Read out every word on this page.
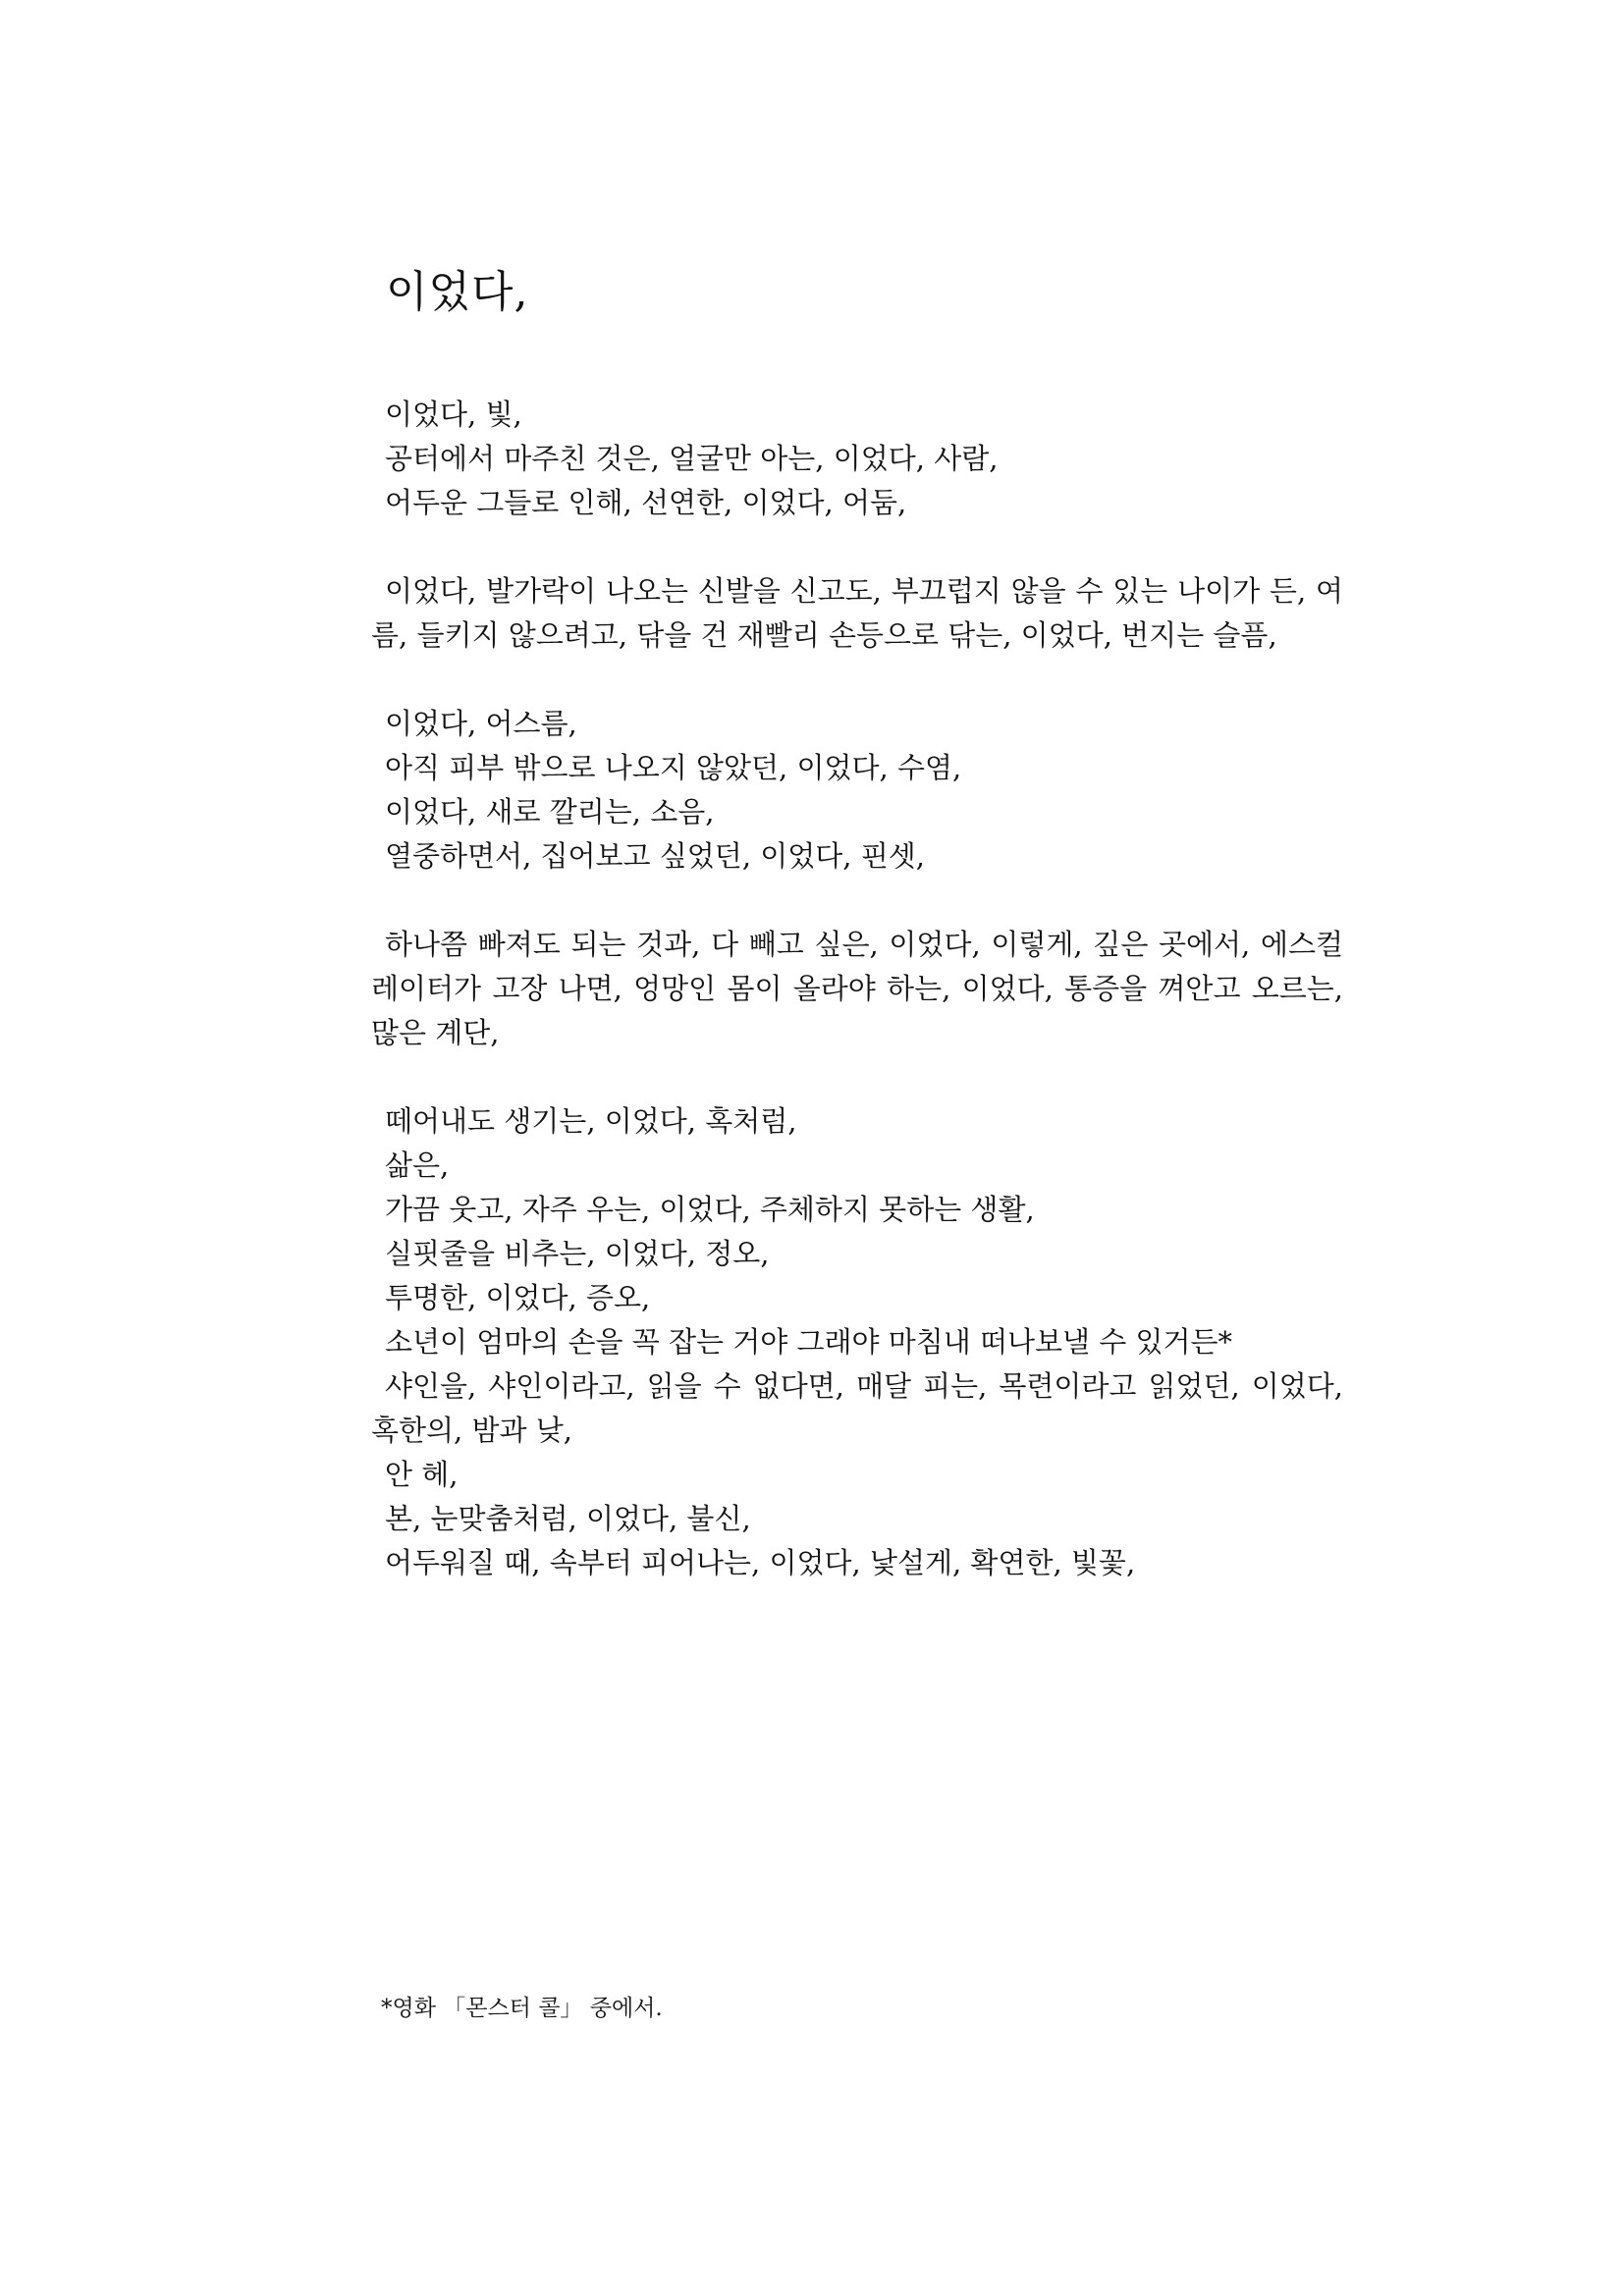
이었다,
이었다, 빛,
공터에서 마주친 것은, 얼굴만 아는, 이었다, 사람,
어두운 그들로 인해, 선연한, 이었다, 어둠,
이었다, 발가락이 나오는 신발을 신고도, 부끄럽지 않을 수 있는 나이가 든, 여름, 들키지 않으려고, 닦을 건 재빨리 손등으로 닦는, 이었다, 번지는 슬픔,
이었다, 어스름,
아직 피부 밖으로 나오지 않았던, 이었다, 수염,
이었다, 새로 깔리는, 소음,
열중하면서, 집어보고 싶었던, 이었다, 핀셋,
하나쯤 빠져도 되는 것과, 다 빼고 싶은, 이었다, 이렇게, 깊은 곳에서, 에스컬레이터가 고장 나면, 엉망인 몸이 올라야 하는, 이었다, 통증을 껴안고 오르는, 많은 계단,
떼어내도 생기는, 이었다, 혹처럼,
삶은,
가끔 웃고, 자주 우는, 이었다, 주체하지 못하는 생활,
실핏줄을 비추는, 이었다, 정오,
투명한, 이었다, 증오,
소년이 엄마의 손을 꼭 잡는 거야 그래야 마침내 떠나보낼 수 있거든*
샤인을, 샤인이라고, 읽을 수 없다면, 매달 피는, 목련이라고 읽었던, 이었다, 혹한의, 밤과 낮,
안 헤,
본, 눈맞춤처럼, 이었다, 불신,
어두워질 때, 속부터 피어나는, 이었다, 낯설게, 확연한, 빛꽃,
*영화 「몬스터 콜」 중에서.
